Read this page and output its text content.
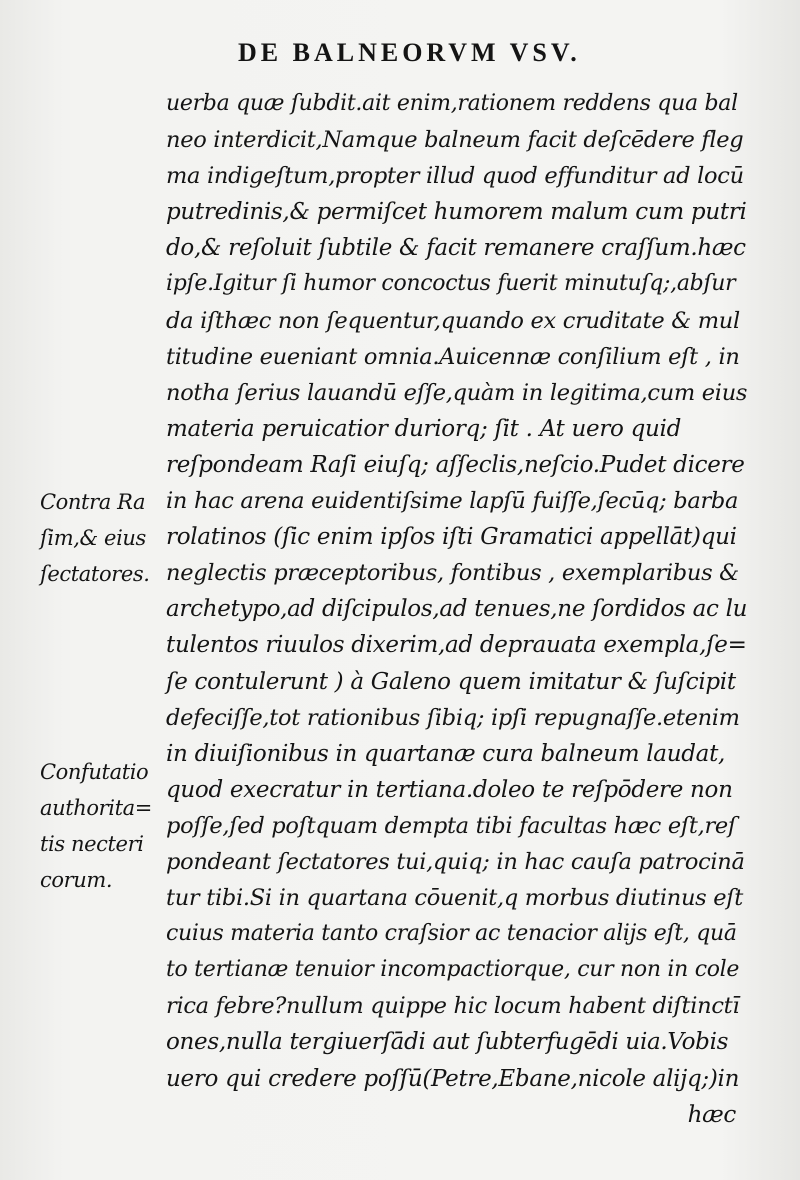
DE BALNEORVM VSV.
uerba quæ ſubdit.ait enim,rationem reddens qua bal
neo interdicit,Namque balneum facit deſcēdere fleg
ma indigeſtum,propter illud quod effunditur ad locū
putredinis,& permiſcet humorem malum cum putri
do,& reſoluit ſubtile & facit remanere craſſum.hæc
ipſe.Igitur ſi humor concoctus fuerit minutuſq;,abſur
da iſthæc non ſequentur,quando ex cruditate & mul
titudine eueniant omnia.Auicennæ conſilium eſt , in
notha ſerius lauandū eſſe,quàm in legitima,cum eius
materia peruicatior duriorq; ſit . At uero quid
reſpondeam Raſi eiuſq; aſſeclis,neſcio.Pudet dicere
in hac arena euidentiſsime lapſū fuiſſe,ſecūq; barba
rolatinos (ſic enim ipſos iſti Gramatici appellāt)qui
neglectis præceptoribus, fontibus , exemplaribus &
archetypo,ad diſcipulos,ad tenues,ne ſordidos ac lu
tulentos riuulos dixerim,ad deprauata exempla,ſe=
ſe contulerunt ) à Galeno quem imitatur & ſuſcipit
defeciſſe,tot rationibus ſibiq; ipſi repugnaſſe.etenim
in diuiſionibus in quartanæ cura balneum laudat,
quod execratur in tertiana.doleo te reſpōdere non
poſſe,ſed poſtquam dempta tibi facultas hæc eſt,reſ
pondeant ſectatores tui,quiq; in hac cauſa patrocinā
tur tibi.Si in quartana cōuenit,q morbus diutinus eſt
cuius materia tanto craſsior ac tenacior alijs eſt, quā
to tertianæ tenuior incompactiorque, cur non in cole
rica febre?nullum quippe hic locum habent diſtinctī
ones,nulla tergiuerſādi aut ſubterfugēdi uia.Vobis
uero qui credere poſſū(Petre,Ebane,nicole alijq;)in
hæc
Contra Ra
ſim,& eius
ſectatores.
Confutatio
authorita=
tis necteri
corum.
